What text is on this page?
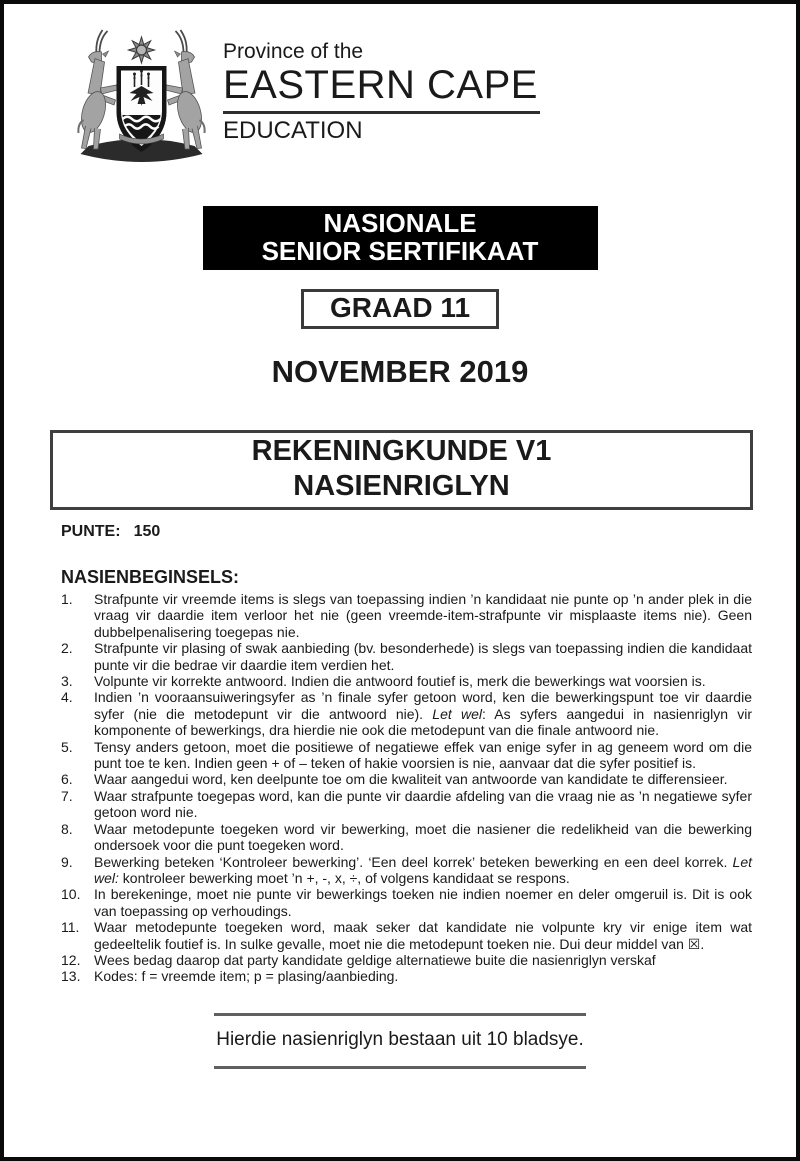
Province of the
EASTERN CAPE
EDUCATION
NASIONALE
SENIOR SERTIFIKAAT
GRAAD 11
NOVEMBER 2019
REKENINGKUNDE V1
NASIENRIGLYN
PUNTE: 150
NASIENBEGINSELS:
1.	Strafpunte vir vreemde items is slegs van toepassing indien ’n kandidaat nie punte op ’n ander plek in die vraag vir daardie item verloor het nie (geen vreemde-item-strafpunte vir misplaaste items nie). Geen dubbelpenalisering toegepas nie.
2.	Strafpunte vir plasing of swak aanbieding (bv. besonderhede) is slegs van toepassing indien die kandidaat punte vir die bedrae vir daardie item verdien het.
3.	Volpunte vir korrekte antwoord. Indien die antwoord foutief is, merk die bewerkings wat voorsien is.
4.	Indien ’n vooraansuiweringsyfer as ’n finale syfer getoon word, ken die bewerkingspunt toe vir daardie syfer (nie die metodepunt vir die antwoord nie). Let wel: As syfers aangedui in nasienriglyn vir komponente of bewerkings, dra hierdie nie ook die metodepunt van die finale antwoord nie.
5.	Tensy anders getoon, moet die positiewe of negatiewe effek van enige syfer in ag geneem word om die punt toe te ken. Indien geen + of – teken of hakie voorsien is nie, aanvaar dat die syfer positief is.
6.	Waar aangedui word, ken deelpunte toe om die kwaliteit van antwoorde van kandidate te differensieer.
7.	Waar strafpunte toegepas word, kan die punte vir daardie afdeling van die vraag nie as ’n negatiewe syfer getoon word nie.
8.	Waar metodepunte toegeken word vir bewerking, moet die nasiener die redelikheid van die bewerking ondersoek voor die punt toegeken word.
9.	Bewerking beteken ‘Kontroleer bewerking’. ‘Een deel korrek’ beteken bewerking en een deel korrek. Let wel: kontroleer bewerking moet ’n +, -, x, ÷, of volgens kandidaat se respons.
10. In berekeninge, moet nie punte vir bewerkings toeken nie indien noemer en deler omgeruil is. Dit is ook van toepassing op verhoudings.
11.	Waar metodepunte toegeken word, maak seker dat kandidate nie volpunte kry vir enige item wat gedeeltelik foutief is. In sulke gevalle, moet nie die metodepunt toeken nie. Dui deur middel van ☒.
12. Wees bedag daarop dat party kandidate geldige alternatiewe buite die nasienriglyn verskaf
13. Kodes: f = vreemde item; p = plasing/aanbieding.
Hierdie nasienriglyn bestaan uit 10 bladsye.
